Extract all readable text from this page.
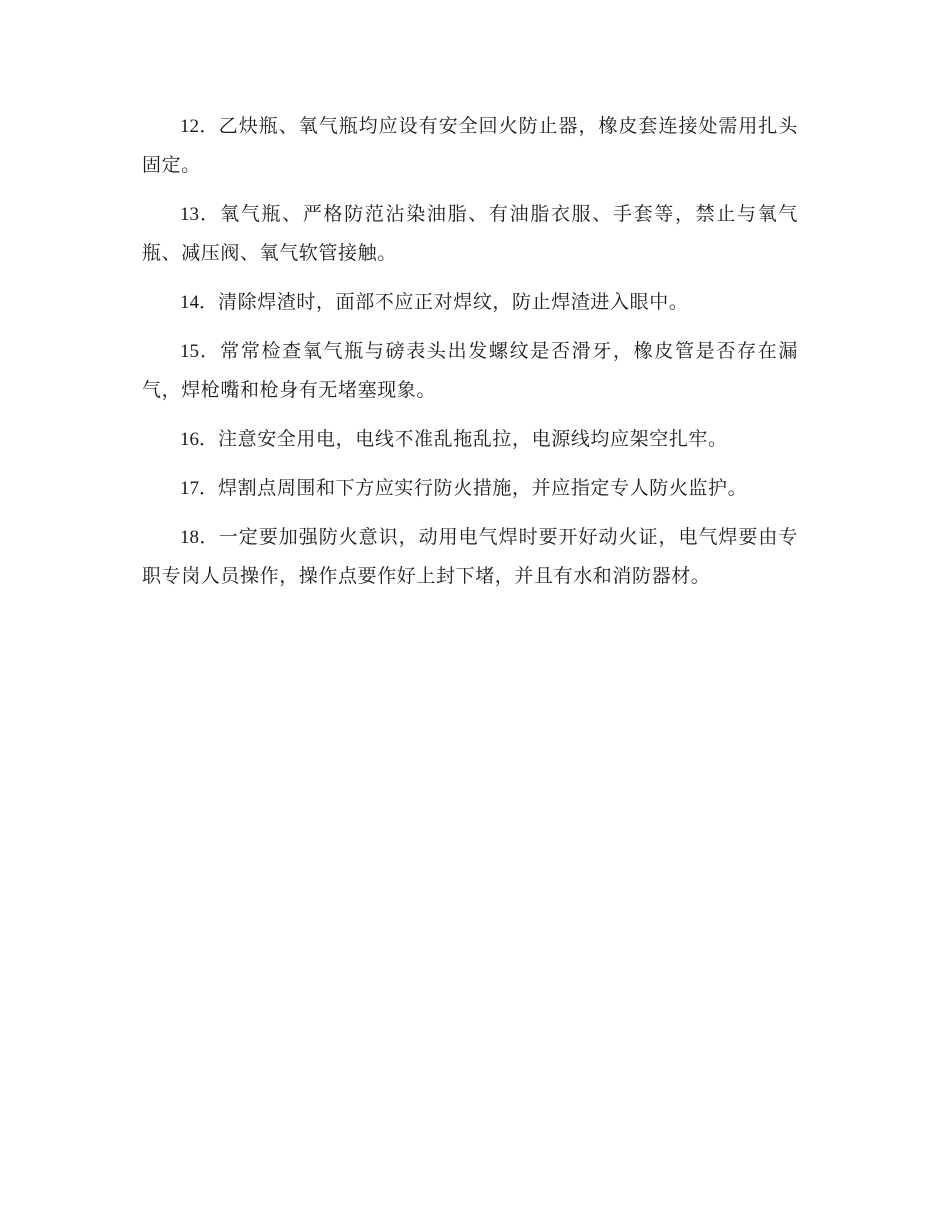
12．乙炔瓶、氧气瓶均应设有安全回火防止器，橡皮套连接处需用扎头固定。

13．氧气瓶、严格防范沾染油脂、有油脂衣服、手套等，禁止与氧气瓶、减压阀、氧气软管接触。

14．清除焊渣时，面部不应正对焊纹，防止焊渣进入眼中。

15．常常检查氧气瓶与磅表头出发螺纹是否滑牙，橡皮管是否存在漏气，焊枪嘴和枪身有无堵塞现象。

16．注意安全用电，电线不准乱拖乱拉，电源线均应架空扎牢。

17．焊割点周围和下方应实行防火措施，并应指定专人防火监护。

18．一定要加强防火意识，动用电气焊时要开好动火证，电气焊要由专职专岗人员操作，操作点要作好上封下堵，并且有水和消防器材。
